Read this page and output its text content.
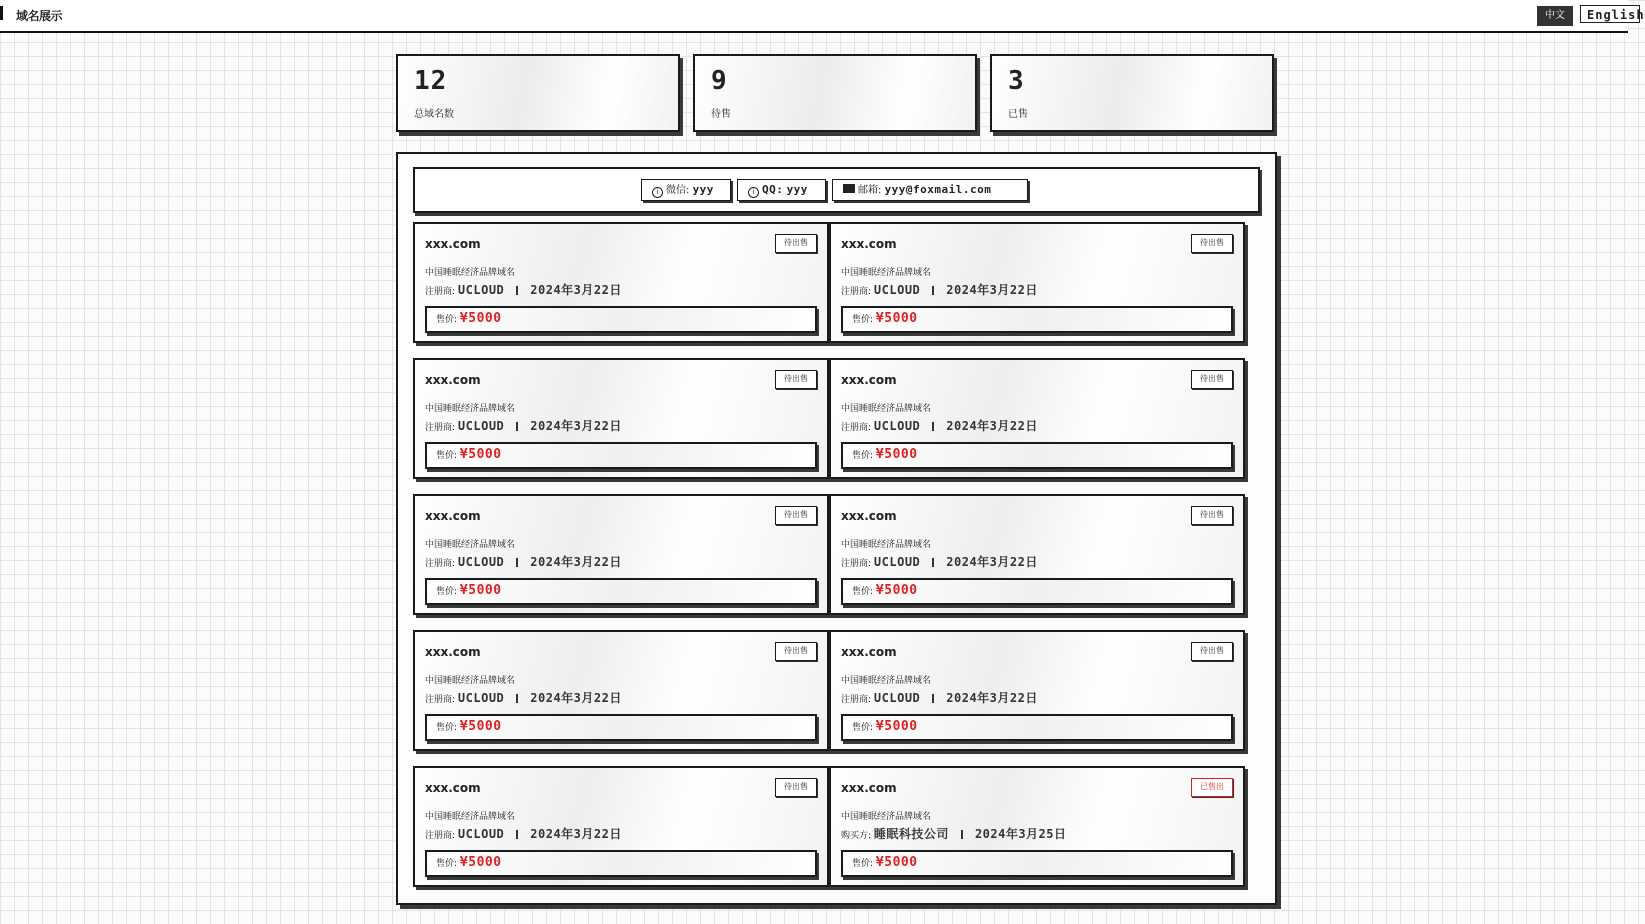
域名展示	中文	English
12
总域名数
9
待售
3
已售
i 微信: yyy	i QQ: yyy	邮箱: yyy@foxmail.com
xxx.com	待出售
中国睡眠经济品牌域名
注册商: UCLOUD 2024年3月22日
售价: ¥5000
xxx.com	待出售
中国睡眠经济品牌域名
注册商: UCLOUD 2024年3月22日
售价: ¥5000
xxx.com	待出售
中国睡眠经济品牌域名
注册商: UCLOUD 2024年3月22日
售价: ¥5000
xxx.com	待出售
中国睡眠经济品牌域名
注册商: UCLOUD 2024年3月22日
售价: ¥5000
xxx.com	待出售
中国睡眠经济品牌域名
注册商: UCLOUD 2024年3月22日
售价: ¥5000
xxx.com	待出售
中国睡眠经济品牌域名
注册商: UCLOUD 2024年3月22日
售价: ¥5000
xxx.com	待出售
中国睡眠经济品牌域名
注册商: UCLOUD 2024年3月22日
售价: ¥5000
xxx.com	待出售
中国睡眠经济品牌域名
注册商: UCLOUD 2024年3月22日
售价: ¥5000
xxx.com	待出售
中国睡眠经济品牌域名
注册商: UCLOUD 2024年3月22日
售价: ¥5000
xxx.com	已售出
中国睡眠经济品牌域名
购买方: 睡眠科技公司 2024年3月25日
售价: ¥5000
